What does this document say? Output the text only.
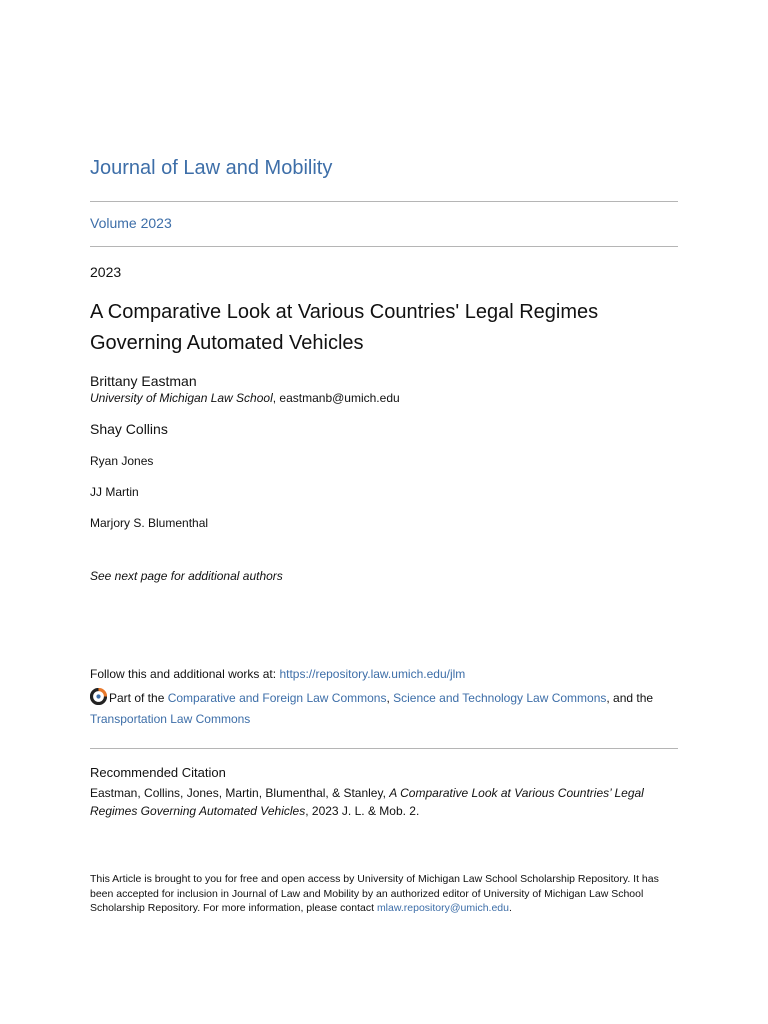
Journal of Law and Mobility
Volume 2023
2023
A Comparative Look at Various Countries' Legal Regimes Governing Automated Vehicles
Brittany Eastman
University of Michigan Law School, eastmanb@umich.edu
Shay Collins
Ryan Jones
JJ Martin
Marjory S. Blumenthal
See next page for additional authors
Follow this and additional works at: https://repository.law.umich.edu/jlm
Part of the Comparative and Foreign Law Commons, Science and Technology Law Commons, and the
Transportation Law Commons
Recommended Citation
Eastman, Collins, Jones, Martin, Blumenthal, & Stanley, A Comparative Look at Various Countries’ Legal Regimes Governing Automated Vehicles, 2023 J. L. & Mob. 2.
This Article is brought to you for free and open access by University of Michigan Law School Scholarship Repository. It has been accepted for inclusion in Journal of Law and Mobility by an authorized editor of University of Michigan Law School Scholarship Repository. For more information, please contact mlaw.repository@umich.edu.
